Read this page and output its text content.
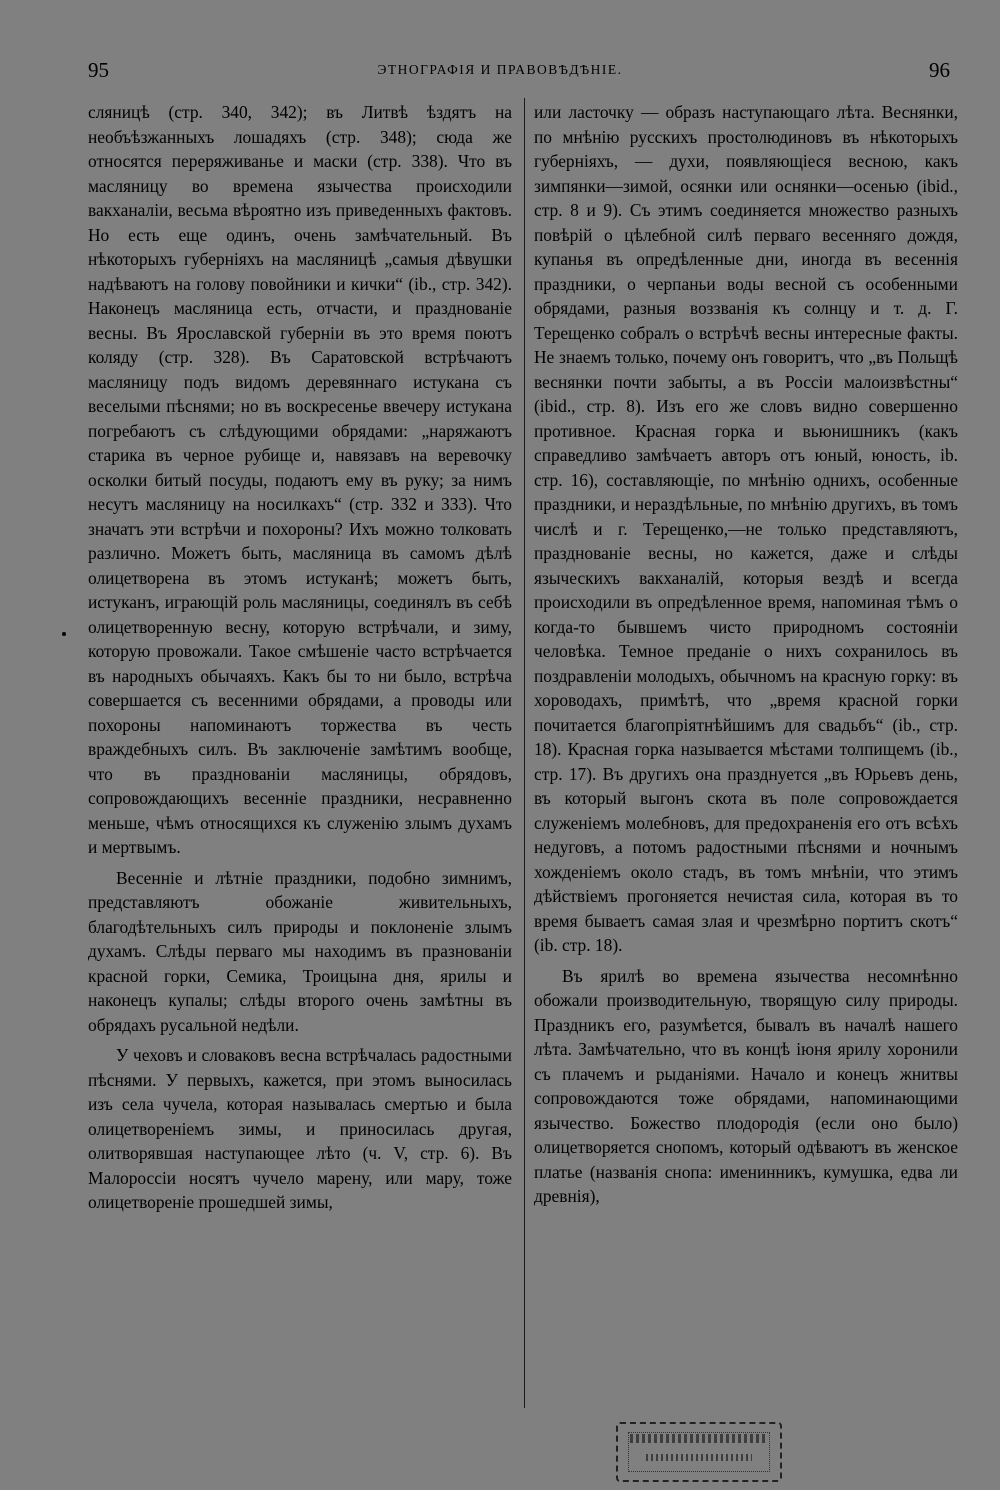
95	ЭТНОГРАФІЯ И ПРАВОВѢДѢНІЕ.	96

сляницѣ (стр. 340, 342); въ Литвѣ ѣздятъ на необъѣзжанныхъ лошадяхъ (стр. 348); сюда же относятся переряживанье и маски (стр. 338). Что въ масляницу во времена язычества происходили вакханаліи, весьма вѣроятно изъ приведенныхъ фактовъ. Но есть еще одинъ, очень замѣчательный. Въ нѣкоторыхъ губерніяхъ на масляницѣ „самыя дѣвушки надѣваютъ на голову повойники и кички“ (ib., стр. 342). Наконецъ масляница есть, отчасти, и празднованіе весны. Въ Ярославской губерніи въ это время поютъ коляду (стр. 328). Въ Саратовской встрѣчаютъ масляницу подъ видомъ деревяннаго истукана съ веселыми пѣснями; но въ воскресенье ввечеру истукана погребаютъ съ слѣдующими обрядами: „наряжаютъ старика въ черное рубище и, навязавъ на веревочку осколки битый посуды, подаютъ ему въ руку; за нимъ несутъ масляницу на носилкахъ“ (стр. 332 и 333). Что значатъ эти встрѣчи и похороны? Ихъ можно толковать различно. Можетъ быть, масляница въ самомъ дѣлѣ олицетворена въ этомъ истуканѣ; можетъ быть, истуканъ, играющій роль масляницы, соединялъ въ себѣ олицетворенную весну, которую встрѣчали, и зиму, которую провожали. Такое смѣшеніе часто встрѣчается въ народныхъ обычаяхъ. Какъ бы то ни было, встрѣча совершается съ весенними обрядами, а проводы или похороны напоминаютъ торжества въ честь враждебныхъ силъ. Въ заключеніе замѣтимъ вообще, что въ празднованіи масляницы, обрядовъ, сопровождающихъ весенніе праздники, несравненно меньше, чѣмъ относящихся къ служенію злымъ духамъ и мертвымъ.

Весенніе и лѣтніе праздники, подобно зимнимъ, представляютъ обожаніе живительныхъ, благодѣтельныхъ силъ природы и поклоненіе злымъ духамъ. Слѣды перваго мы находимъ въ празнованіи красной горки, Семика, Троицына дня, ярилы и наконецъ купалы; слѣды второго очень замѣтны въ обрядахъ русальной недѣли.

У чеховъ и словаковъ весна встрѣчалась радостными пѣснями. У первыхъ, кажется, при этомъ выносилась изъ села чучела, которая называлась смертью и была олицетвореніемъ зимы, и приносилась другая, олитворявшая наступающее лѣто (ч. V, стр. 6). Въ Малороссіи носятъ чучело марену, или мару, тоже олицетвореніе прошедшей зимы,

или ласточку — образъ наступающаго лѣта. Веснянки, по мнѣнію русскихъ простолюдиновъ въ нѣкоторыхъ губерніяхъ, — духи, появляющіеся весною, какъ зимпянки—зимой, осянки или оснянки—осенью (ibid., стр. 8 и 9). Съ этимъ соединяется множество разныхъ повѣрій о цѣлебной силѣ перваго весенняго дождя, купанья въ опредѣленные дни, иногда въ весеннія праздники, о черпаньи воды весной съ особенными обрядами, разныя воззванія къ солнцу и т. д. Г. Терещенко собралъ о встрѣчѣ весны интересные факты. Не знаемъ только, почему онъ говоритъ, что „въ Польщѣ веснянки почти забыты, а въ Россіи малоизвѣстны“ (ibid., стр. 8). Изъ его же словъ видно совершенно противное. Красная горка и вьюнишникъ (какъ справедливо замѣчаетъ авторъ отъ юный, юность, ib. стр. 16), составляющіе, по мнѣнію однихъ, особенные праздники, и нераздѣльные, по мнѣнію другихъ, въ томъ числѣ и г. Терещенко,—не только представляютъ, празднованіе весны, но кажется, даже и слѣды языческихъ вакханалій, которыя вездѣ и всегда происходили въ опредѣленное время, напоминая тѣмъ о когда-то бывшемъ чисто природномъ состояніи человѣка. Темное преданіе о нихъ сохранилось въ поздравленіи молодыхъ, обычномъ на красную горку: въ хороводахъ, примѣтѣ, что „время красной горки почитается благопріятнѣйшимъ для свадьбъ“ (ib., стр. 18). Красная горка называется мѣстами толпищемъ (ib., стр. 17). Въ другихъ она празднуется „въ Юрьевъ день, въ который выгонъ скота въ поле сопровождается служеніемъ молебновъ, для предохраненія его отъ всѣхъ недуговъ, а потомъ радостными пѣснями и ночнымъ хожденіемъ около стадъ, въ томъ мнѣніи, что этимъ дѣйствіемъ прогоняется нечистая сила, которая въ то время бываетъ самая злая и чрезмѣрно портитъ скотъ“ (ib. стр. 18).

Въ ярилѣ во времена язычества несомнѣнно обожали производительную, творящую силу природы. Праздникъ его, разумѣется, бывалъ въ началѣ нашего лѣта. Замѣчательно, что въ концѣ іюня ярилу хоронили съ плачемъ и рыданіями. Начало и конецъ жнитвы сопровождаются тоже обрядами, напоминающими язычество. Божество плодородія (если оно было) олицетворяется снопомъ, который одѣваютъ въ женское платье (названія снопа: именинникъ, кумушка, едва ли древнія),
